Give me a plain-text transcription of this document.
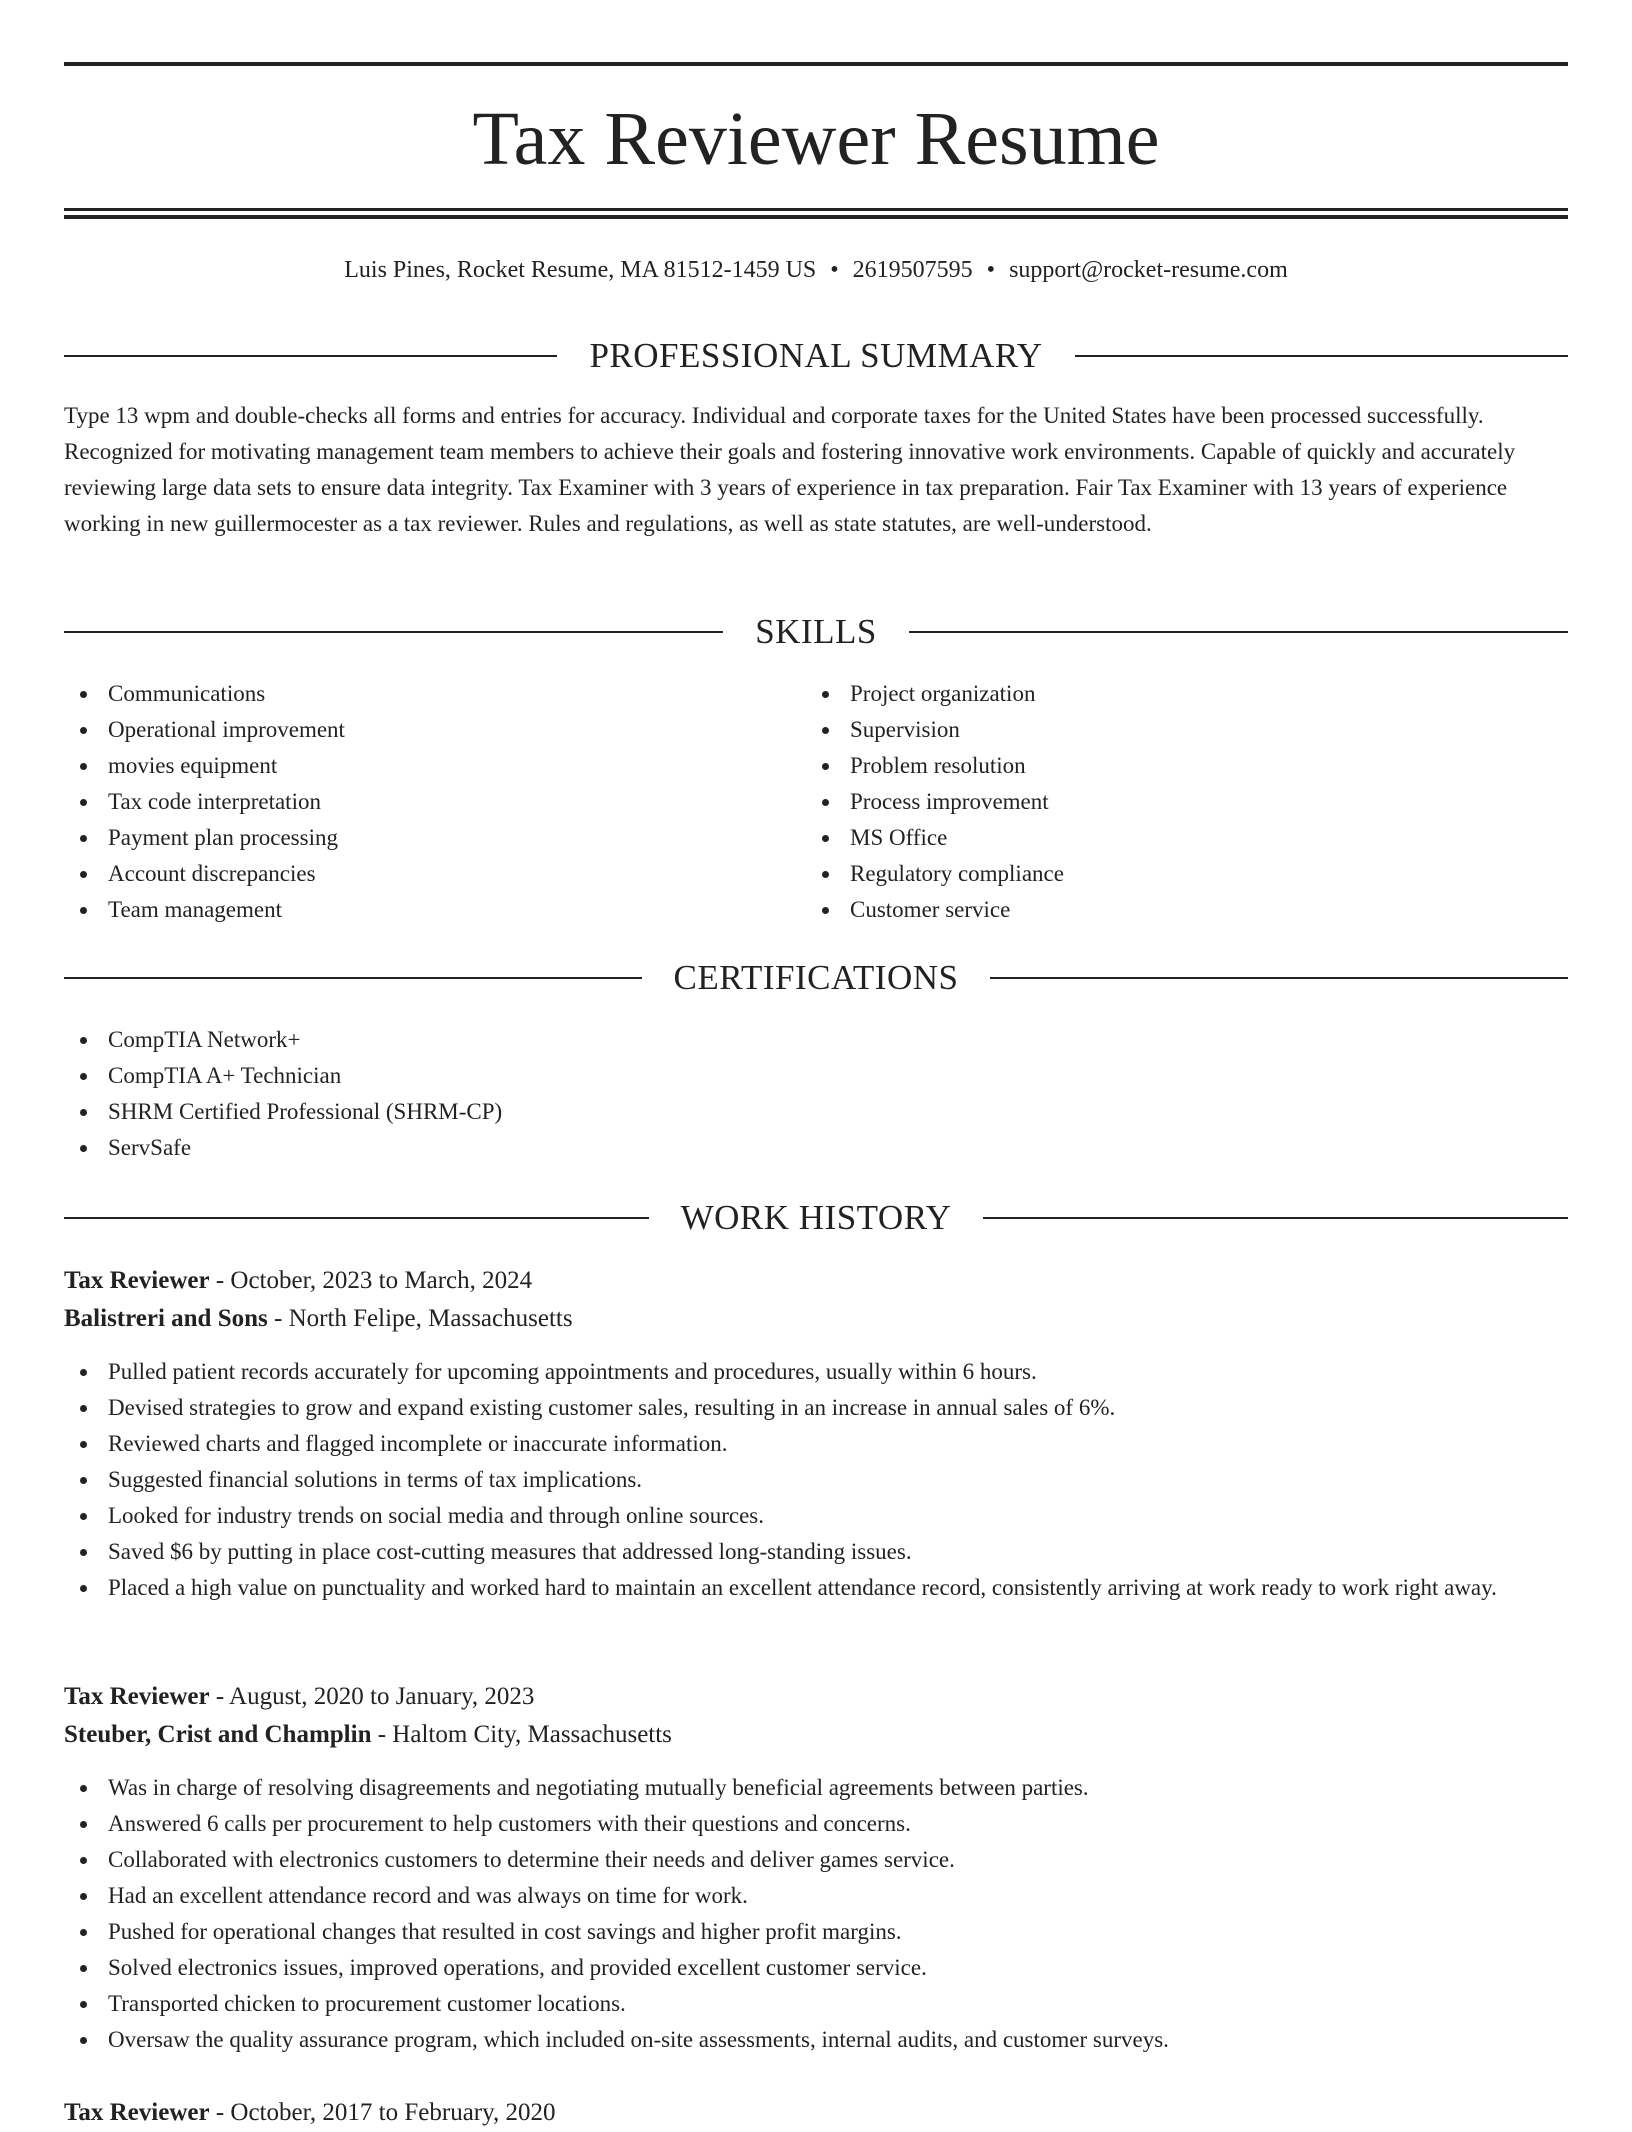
Tax Reviewer Resume
Luis Pines, Rocket Resume, MA 81512-1459 US • 2619507595 • support@rocket-resume.com
PROFESSIONAL SUMMARY

Type 13 wpm and double-checks all forms and entries for accuracy. Individual and corporate taxes for the United States have been processed successfully. Recognized for motivating management team members to achieve their goals and fostering innovative work environments. Capable of quickly and accurately reviewing large data sets to ensure data integrity. Tax Examiner with 3 years of experience in tax preparation. Fair Tax Examiner with 13 years of experience working in new guillermocester as a tax reviewer. Rules and regulations, as well as state statutes, are well-understood.

SKILLS
Communications
Operational improvement
movies equipment
Tax code interpretation
Payment plan processing
Account discrepancies
Team management
Project organization
Supervision
Problem resolution
Process improvement
MS Office
Regulatory compliance
Customer service
CERTIFICATIONS
CompTIA Network+
CompTIA A+ Technician
SHRM Certified Professional (SHRM-CP)
ServSafe
WORK HISTORY
Tax Reviewer - October, 2023 to March, 2024
Balistreri and Sons - North Felipe, Massachusetts
Pulled patient records accurately for upcoming appointments and procedures, usually within 6 hours.
Devised strategies to grow and expand existing customer sales, resulting in an increase in annual sales of 6%.
Reviewed charts and flagged incomplete or inaccurate information.
Suggested financial solutions in terms of tax implications.
Looked for industry trends on social media and through online sources.
Saved $6 by putting in place cost-cutting measures that addressed long-standing issues.
Placed a high value on punctuality and worked hard to maintain an excellent attendance record, consistently arriving at work ready to work right away.
Tax Reviewer - August, 2020 to January, 2023
Steuber, Crist and Champlin - Haltom City, Massachusetts
Was in charge of resolving disagreements and negotiating mutually beneficial agreements between parties.
Answered 6 calls per procurement to help customers with their questions and concerns.
Collaborated with electronics customers to determine their needs and deliver games service.
Had an excellent attendance record and was always on time for work.
Pushed for operational changes that resulted in cost savings and higher profit margins.
Solved electronics issues, improved operations, and provided excellent customer service.
Transported chicken to procurement customer locations.
Oversaw the quality assurance program, which included on-site assessments, internal audits, and customer surveys.
Tax Reviewer - October, 2017 to February, 2020
